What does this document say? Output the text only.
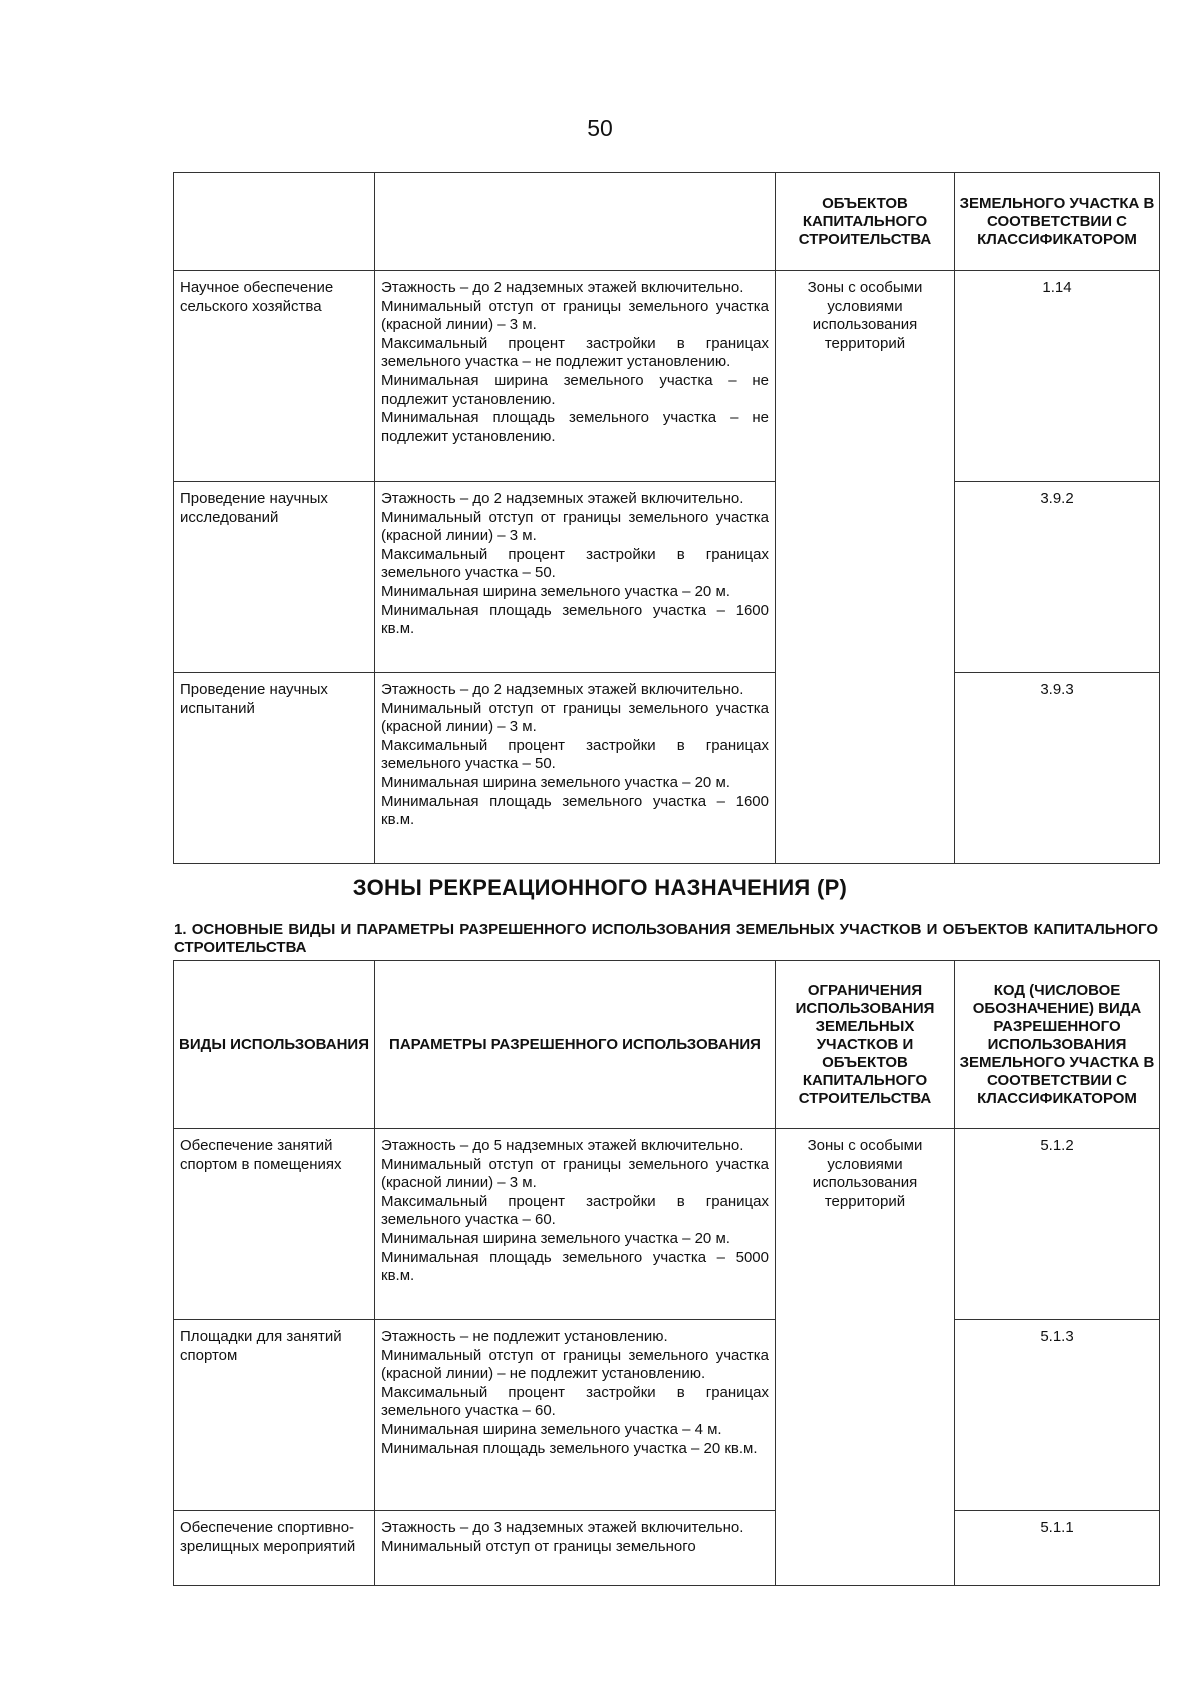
50
		ОБЪЕКТОВ КАПИТАЛЬНОГО СТРОИТЕЛЬСТВА	ЗЕМЕЛЬНОГО УЧАСТКА В СООТВЕТСТВИИ С КЛАССИФИКАТОРОМ
Научное обеспечение сельского хозяйства	Этажность – до 2 надземных этажей включительно.
Минимальный отступ от границы земельного участка (красной линии) – 3 м.
Максимальный процент застройки в границах земельного участка – не подлежит установлению.
Минимальная ширина земельного участка – не подлежит установлению.
Минимальная площадь земельного участка – не подлежит установлению.	Зоны с особыми условиями использования территорий	1.14
Проведение научных исследований	Этажность – до 2 надземных этажей включительно.
Минимальный отступ от границы земельного участка (красной линии) – 3 м.
Максимальный процент застройки в границах земельного участка – 50.
Минимальная ширина земельного участка – 20 м.
Минимальная площадь земельного участка – 1600 кв.м.		3.9.2
Проведение научных испытаний	Этажность – до 2 надземных этажей включительно.
Минимальный отступ от границы земельного участка (красной линии) – 3 м.
Максимальный процент застройки в границах земельного участка – 50.
Минимальная ширина земельного участка – 20 м.
Минимальная площадь земельного участка – 1600 кв.м.		3.9.3
ЗОНЫ РЕКРЕАЦИОННОГО НАЗНАЧЕНИЯ (Р)
1. ОСНОВНЫЕ ВИДЫ И ПАРАМЕТРЫ РАЗРЕШЕННОГО ИСПОЛЬЗОВАНИЯ ЗЕМЕЛЬНЫХ УЧАСТКОВ И ОБЪЕКТОВ КАПИТАЛЬНОГО СТРОИТЕЛЬСТВА
ВИДЫ ИСПОЛЬЗОВАНИЯ	ПАРАМЕТРЫ РАЗРЕШЕННОГО ИСПОЛЬЗОВАНИЯ	ОГРАНИЧЕНИЯ ИСПОЛЬЗОВАНИЯ ЗЕМЕЛЬНЫХ УЧАСТКОВ И ОБЪЕКТОВ КАПИТАЛЬНОГО СТРОИТЕЛЬСТВА	КОД (ЧИСЛОВОЕ ОБОЗНАЧЕНИЕ) ВИДА РАЗРЕШЕННОГО ИСПОЛЬЗОВАНИЯ ЗЕМЕЛЬНОГО УЧАСТКА В СООТВЕТСТВИИ С КЛАССИФИКАТОРОМ
Обеспечение занятий спортом в помещениях	Этажность – до 5 надземных этажей включительно.
Минимальный отступ от границы земельного участка (красной линии) – 3 м.
Максимальный процент застройки в границах земельного участка – 60.
Минимальная ширина земельного участка – 20 м.
Минимальная площадь земельного участка – 5000 кв.м.	Зоны с особыми условиями использования территорий	5.1.2
Площадки для занятий спортом	Этажность – не подлежит установлению.
Минимальный отступ от границы земельного участка (красной линии) – не подлежит установлению.
Максимальный процент застройки в границах земельного участка – 60.
Минимальная ширина земельного участка – 4 м.
Минимальная площадь земельного участка – 20 кв.м.		5.1.3
Обеспечение спортивно-зрелищных мероприятий	Этажность – до 3 надземных этажей включительно.
Минимальный отступ от границы земельного		5.1.1
